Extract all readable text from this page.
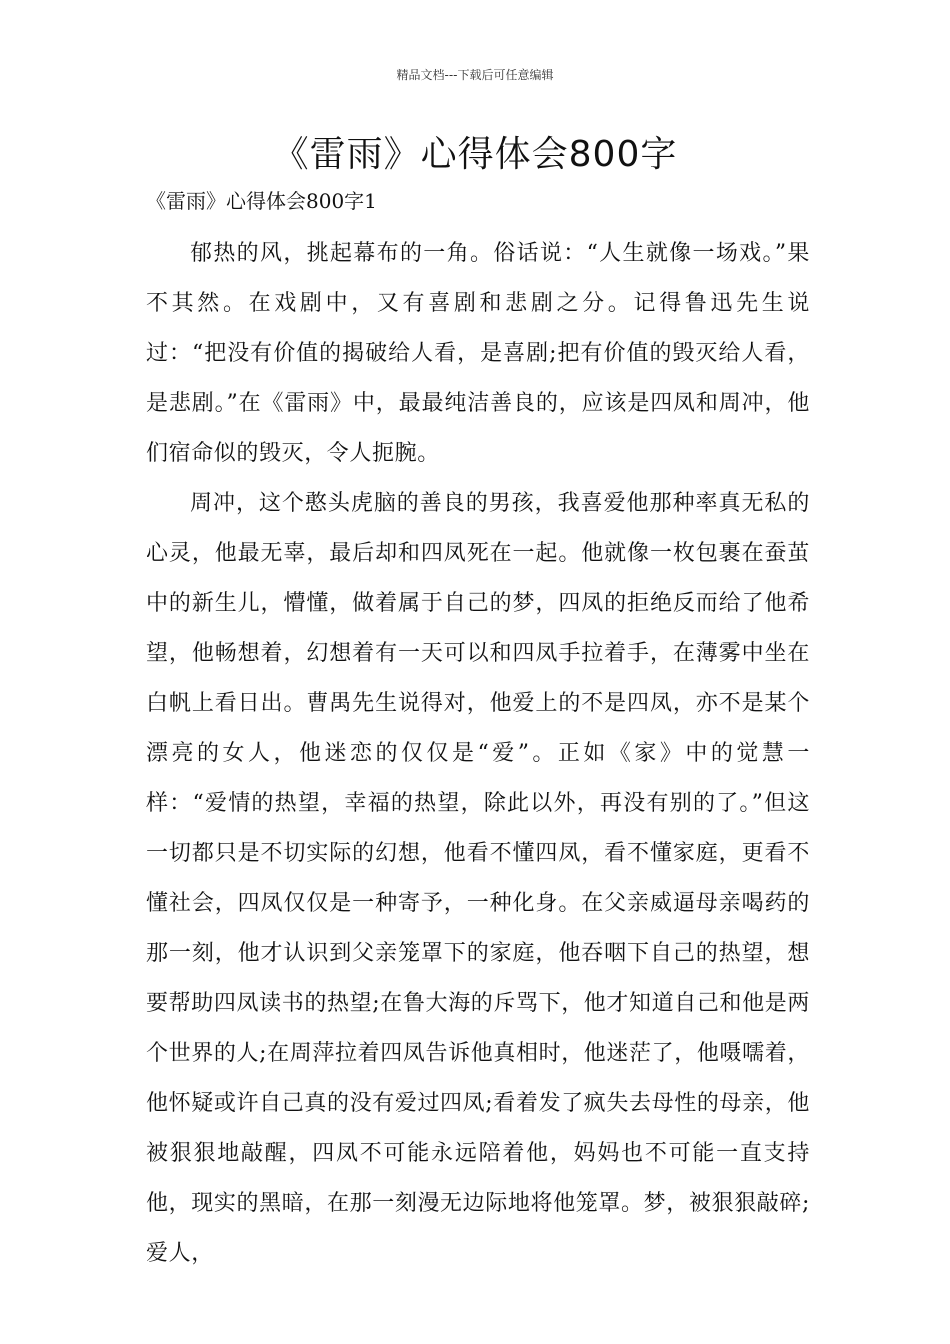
精品文档---下载后可任意编辑
《雷雨》心得体会800字

《雷雨》心得体会800字1

郁热的风，挑起幕布的一角。俗话说：“人生就像一场戏。”果不其然。在戏剧中，又有喜剧和悲剧之分。记得鲁迅先生说过：“把没有价值的揭破给人看，是喜剧;把有价值的毁灭给人看，是悲剧。”在《雷雨》中，最最纯洁善良的，应该是四凤和周冲，他们宿命似的毁灭，令人扼腕。

周冲，这个憨头虎脑的善良的男孩，我喜爱他那种率真无私的心灵，他最无辜，最后却和四凤死在一起。他就像一枚包裹在蚕茧中的新生儿，懵懂，做着属于自己的梦，四凤的拒绝反而给了他希望，他畅想着，幻想着有一天可以和四凤手拉着手，在薄雾中坐在白帆上看日出。曹禺先生说得对，他爱上的不是四凤，亦不是某个漂亮的女人，他迷恋的仅仅是“爱”。正如《家》中的觉慧一样：“爱情的热望，幸福的热望，除此以外，再没有别的了。”但这一切都只是不切实际的幻想，他看不懂四凤，看不懂家庭，更看不懂社会，四凤仅仅是一种寄予，一种化身。在父亲威逼母亲喝药的那一刻，他才认识到父亲笼罩下的家庭，他吞咽下自己的热望，想要帮助四凤读书的热望;在鲁大海的斥骂下，他才知道自己和他是两个世界的人;在周萍拉着四凤告诉他真相时，他迷茫了，他嗫嚅着，他怀疑或许自己真的没有爱过四凤;看着发了疯失去母性的母亲，他被狠狠地敲醒，四凤不可能永远陪着他，妈妈也不可能一直支持他，现实的黑暗，在那一刻漫无边际地将他笼罩。梦，被狠狠敲碎;爱人，
